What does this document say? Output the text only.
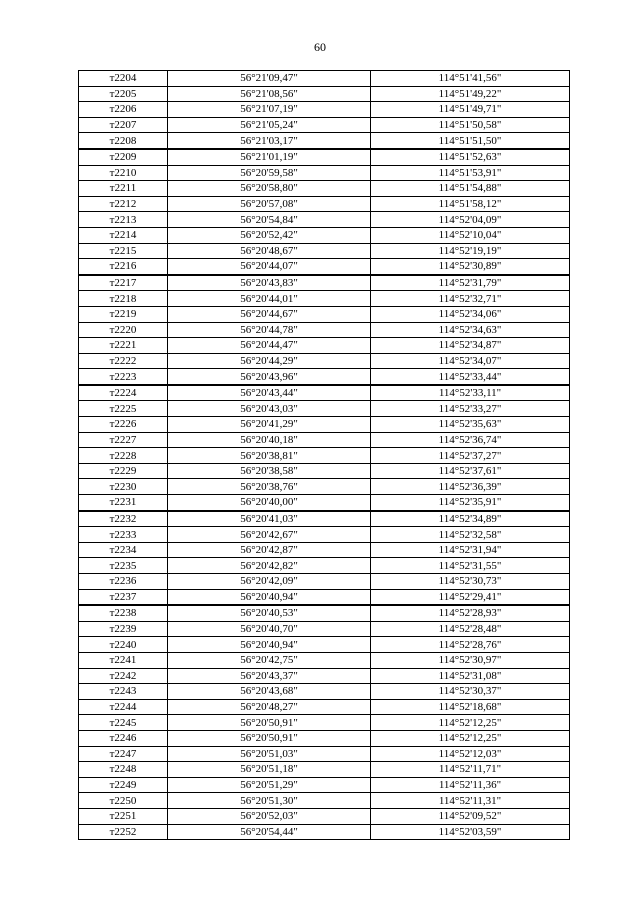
60
т2204	56°21'09,47"	114°51'41,56"
т2205	56°21'08,56"	114°51'49,22"
т2206	56°21'07,19"	114°51'49,71"
т2207	56°21'05,24"	114°51'50,58"
т2208	56°21'03,17"	114°51'51,50"
т2209	56°21'01,19"	114°51'52,63"
т2210	56°20'59,58"	114°51'53,91"
т2211	56°20'58,80"	114°51'54,88"
т2212	56°20'57,08"	114°51'58,12"
т2213	56°20'54,84"	114°52'04,09"
т2214	56°20'52,42"	114°52'10,04"
т2215	56°20'48,67"	114°52'19,19"
т2216	56°20'44,07"	114°52'30,89"
т2217	56°20'43,83"	114°52'31,79"
т2218	56°20'44,01"	114°52'32,71"
т2219	56°20'44,67"	114°52'34,06"
т2220	56°20'44,78"	114°52'34,63"
т2221	56°20'44,47"	114°52'34,87"
т2222	56°20'44,29"	114°52'34,07"
т2223	56°20'43,96"	114°52'33,44"
т2224	56°20'43,44"	114°52'33,11"
т2225	56°20'43,03"	114°52'33,27"
т2226	56°20'41,29"	114°52'35,63"
т2227	56°20'40,18"	114°52'36,74"
т2228	56°20'38,81"	114°52'37,27"
т2229	56°20'38,58"	114°52'37,61"
т2230	56°20'38,76"	114°52'36,39"
т2231	56°20'40,00"	114°52'35,91"
т2232	56°20'41,03"	114°52'34,89"
т2233	56°20'42,67"	114°52'32,58"
т2234	56°20'42,87"	114°52'31,94"
т2235	56°20'42,82"	114°52'31,55"
т2236	56°20'42,09"	114°52'30,73"
т2237	56°20'40,94"	114°52'29,41"
т2238	56°20'40,53"	114°52'28,93"
т2239	56°20'40,70"	114°52'28,48"
т2240	56°20'40,94"	114°52'28,76"
т2241	56°20'42,75"	114°52'30,97"
т2242	56°20'43,37"	114°52'31,08"
т2243	56°20'43,68"	114°52'30,37"
т2244	56°20'48,27"	114°52'18,68"
т2245	56°20'50,91"	114°52'12,25"
т2246	56°20'50,91"	114°52'12,25"
т2247	56°20'51,03"	114°52'12,03"
т2248	56°20'51,18"	114°52'11,71"
т2249	56°20'51,29"	114°52'11,36"
т2250	56°20'51,30"	114°52'11,31"
т2251	56°20'52,03"	114°52'09,52"
т2252	56°20'54,44"	114°52'03,59"
